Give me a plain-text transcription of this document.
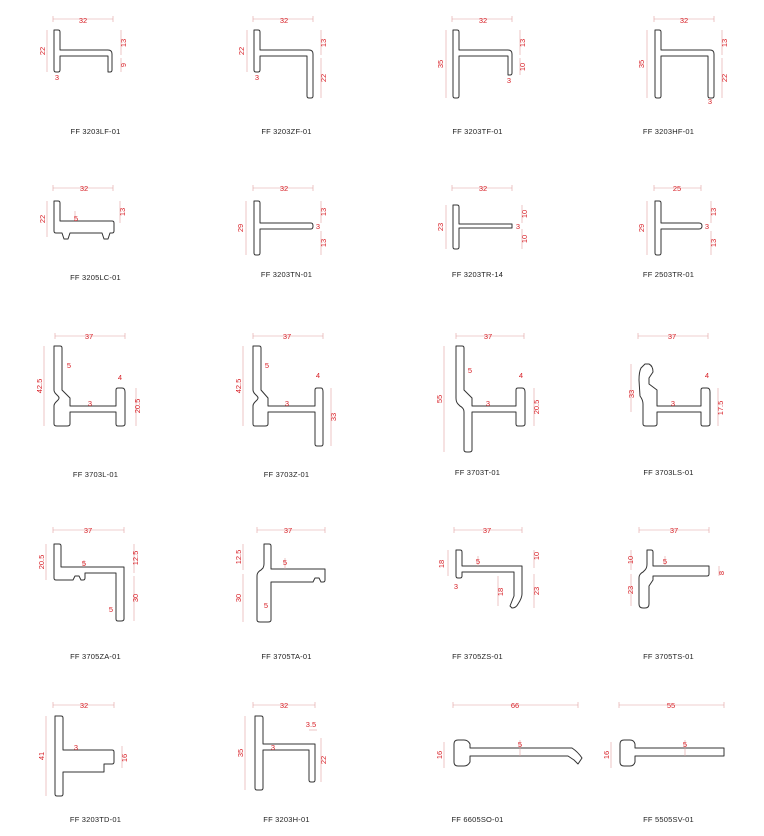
32
22
13
9
3
FF 3203LF-01
32
22
13
22
3
FF 3203ZF-01
32
35
13
10
3
FF 3203TF-01
32
35
13
22
3
FF 3203HF-01
32
22
13
5
FF 3205LC-01
32
29
13
13
3
FF 3203TN-01
32
23
10
10
3
FF 3203TR-14
25
29
13
13
3
FF 2503TR-01
37
42.5
5
4
3	20.5
FF 3703L-01
37
42.5
5
4
3
33
FF 3703Z-01
37
55
5
4
3	20.5
FF 3703T-01
37
33
4
3	17.5
FF 3703LS-01
37
20.5	5
5
12.5
30
FF 3705ZA-01
37
12.5
30
5
5
FF 3705TA-01
37
18
3
5
18
10
23
FF 3705ZS-01
37
10
23
5
8
FF 3705TS-01
32
41
3
16
FF 3203TD-01
32
35
3
3.5
22
FF 3203H-01
66
16
5
FF 6605SO-01
55
16
5
FF 5505SV-01
